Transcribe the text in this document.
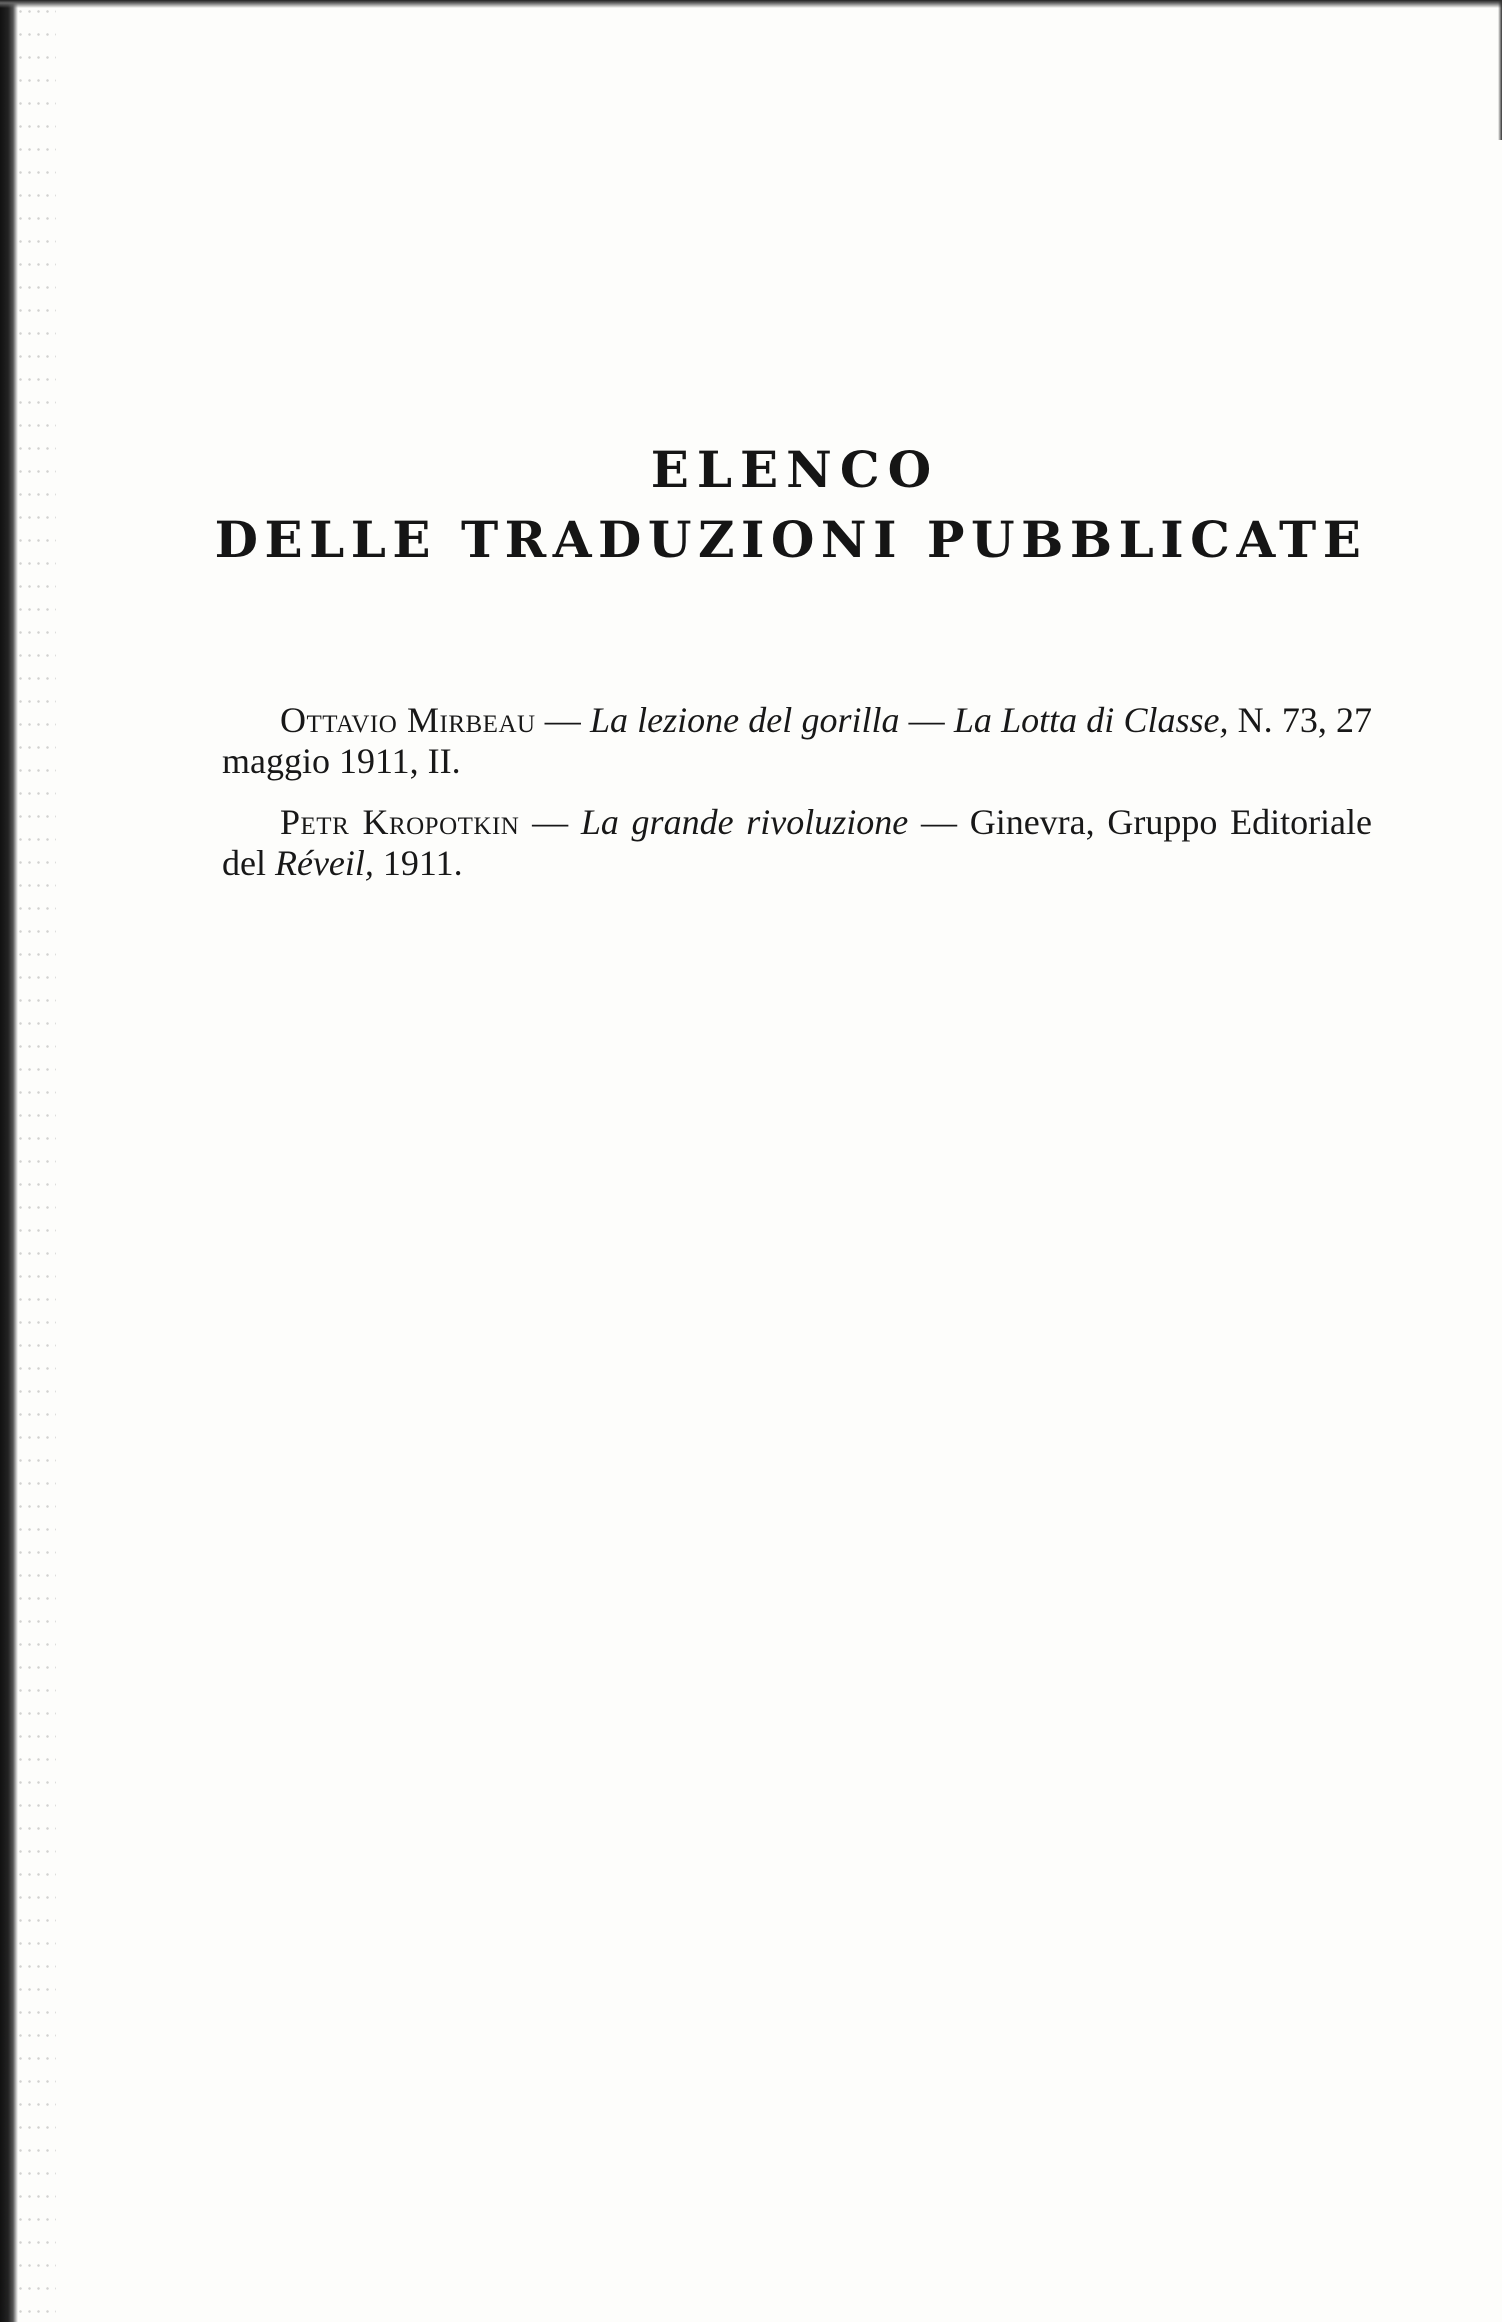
ELENCO
DELLE TRADUZIONI PUBBLICATE

Ottavio Mirbeau — La lezione del gorilla — La Lotta di Classe, N. 73, 27 maggio 1911, II.

Petr Kropotkin — La grande rivoluzione — Ginevra, Gruppo Editoriale del Réveil, 1911.
